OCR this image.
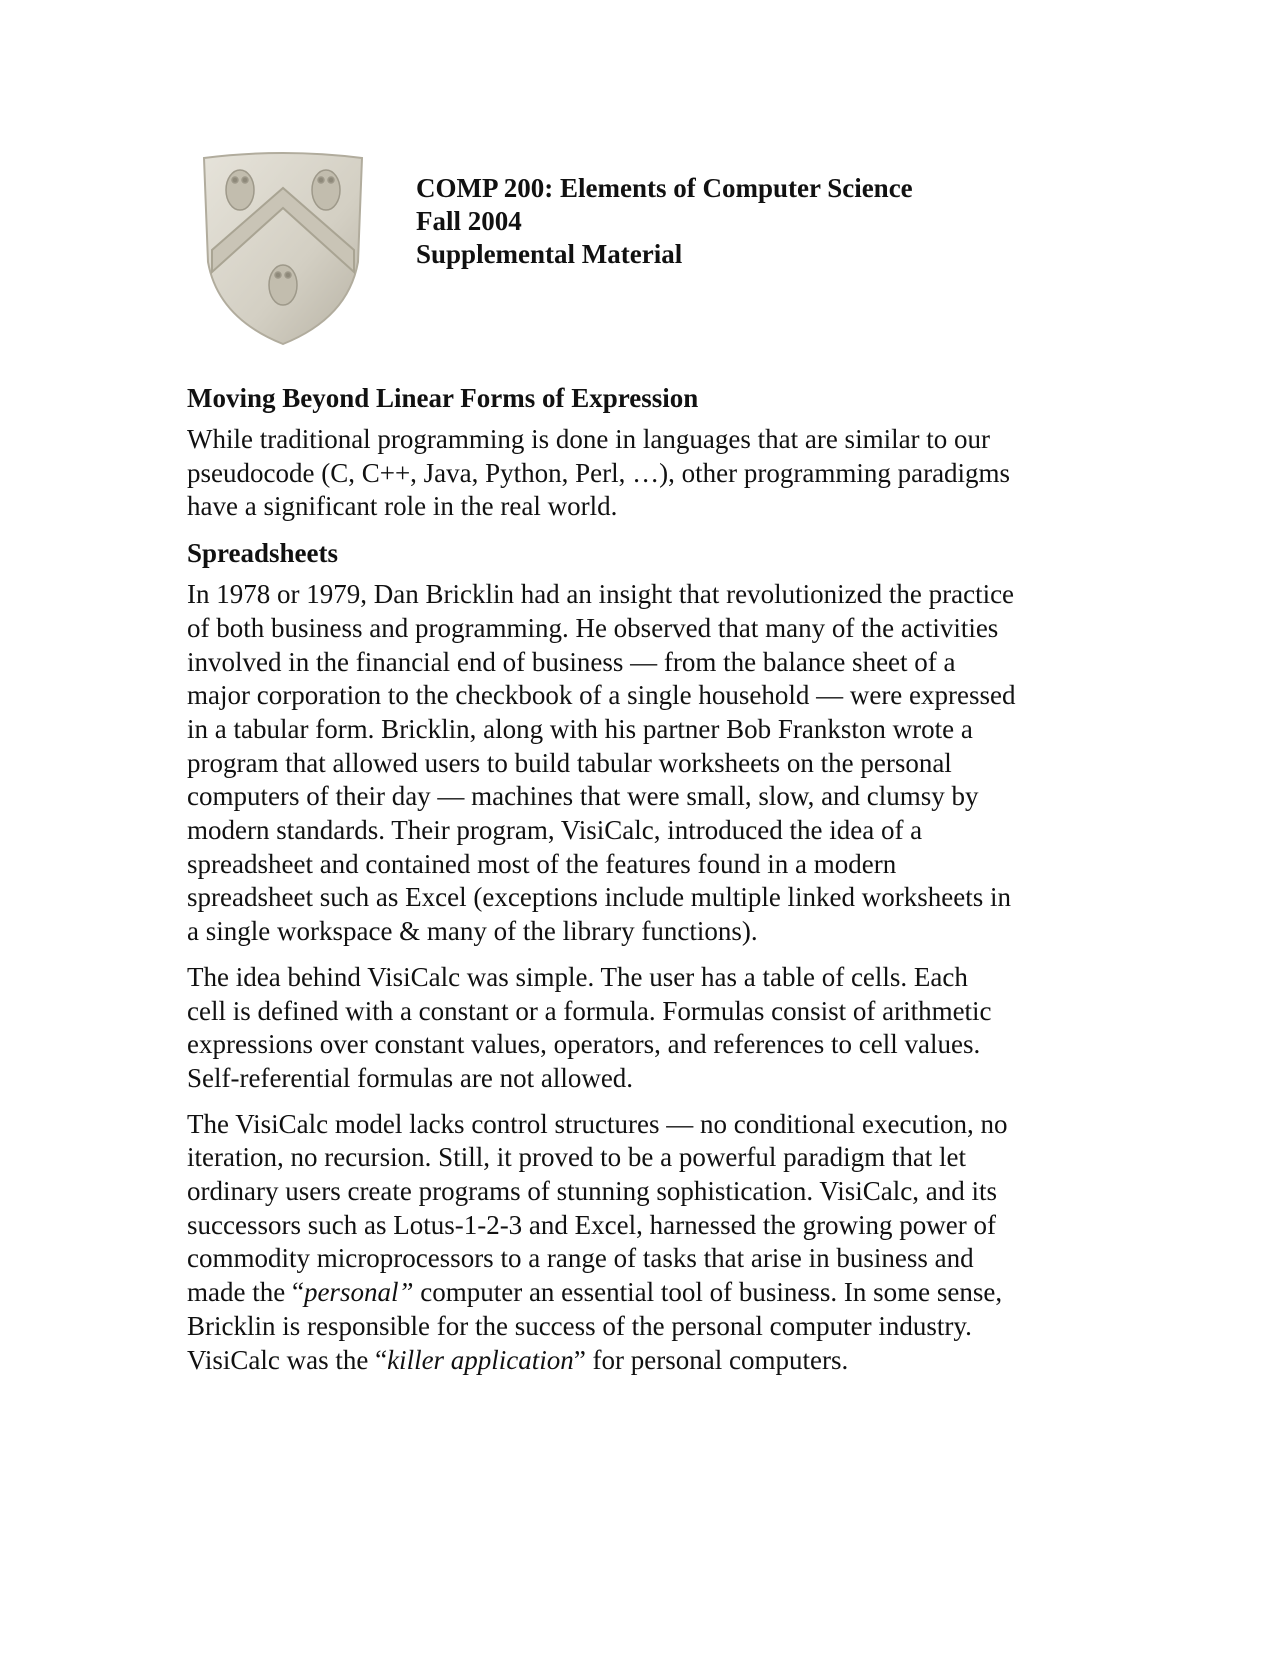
COMP 200: Elements of Computer Science
Fall 2004
Supplemental Material
Moving Beyond Linear Forms of Expression

While traditional programming is done in languages that are similar to our
pseudocode (C, C++, Java, Python, Perl, …), other programming paradigms
have a significant role in the real world.

Spreadsheets

In 1978 or 1979, Dan Bricklin had an insight that revolutionized the practice
of both business and programming. He observed that many of the activities
involved in the financial end of business — from the balance sheet of a
major corporation to the checkbook of a single household — were expressed
in a tabular form. Bricklin, along with his partner Bob Frankston wrote a
program that allowed users to build tabular worksheets on the personal
computers of their day — machines that were small, slow, and clumsy by
modern standards. Their program, VisiCalc, introduced the idea of a
spreadsheet and contained most of the features found in a modern
spreadsheet such as Excel (exceptions include multiple linked worksheets in
a single workspace & many of the library functions).

The idea behind VisiCalc was simple. The user has a table of cells. Each
cell is defined with a constant or a formula. Formulas consist of arithmetic
expressions over constant values, operators, and references to cell values.
Self-referential formulas are not allowed.

The VisiCalc model lacks control structures — no conditional execution, no
iteration, no recursion. Still, it proved to be a powerful paradigm that let
ordinary users create programs of stunning sophistication. VisiCalc, and its
successors such as Lotus-1-2-3 and Excel, harnessed the growing power of
commodity microprocessors to a range of tasks that arise in business and
made the “personal” computer an essential tool of business. In some sense,
Bricklin is responsible for the success of the personal computer industry.
VisiCalc was the “killer application” for personal computers.
